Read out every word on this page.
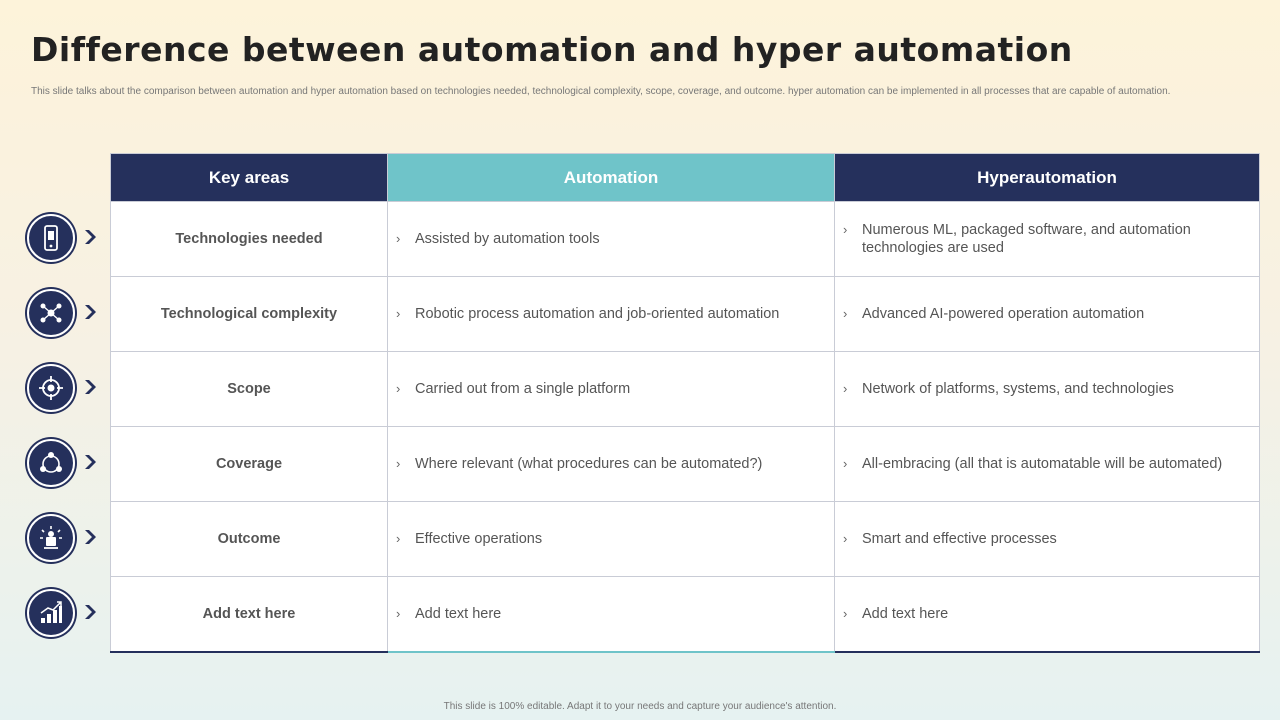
Difference between automation and hyper automation
This slide talks about the comparison between automation and hyper automation based on technologies needed, technological complexity, scope, coverage, and outcome. hyper automation can be implemented in all processes that are capable of automation.
Key areas	Automation	Hyperautomation
Technologies needed	› Assisted by automation tools	› Numerous ML, packaged software, and automation technologies are used

Technological complexity	› Robotic process automation and job-oriented automation	› Advanced AI-powered operation automation

Scope	› Carried out from a single platform	› Network of platforms, systems, and technologies

Coverage	› Where relevant (what procedures can be automated?)	› All-embracing (all that is automatable will be automated)

Outcome	› Effective operations	› Smart and effective processes

Add text here	› Add text here	› Add text here
This slide is 100% editable. Adapt it to your needs and capture your audience's attention.
